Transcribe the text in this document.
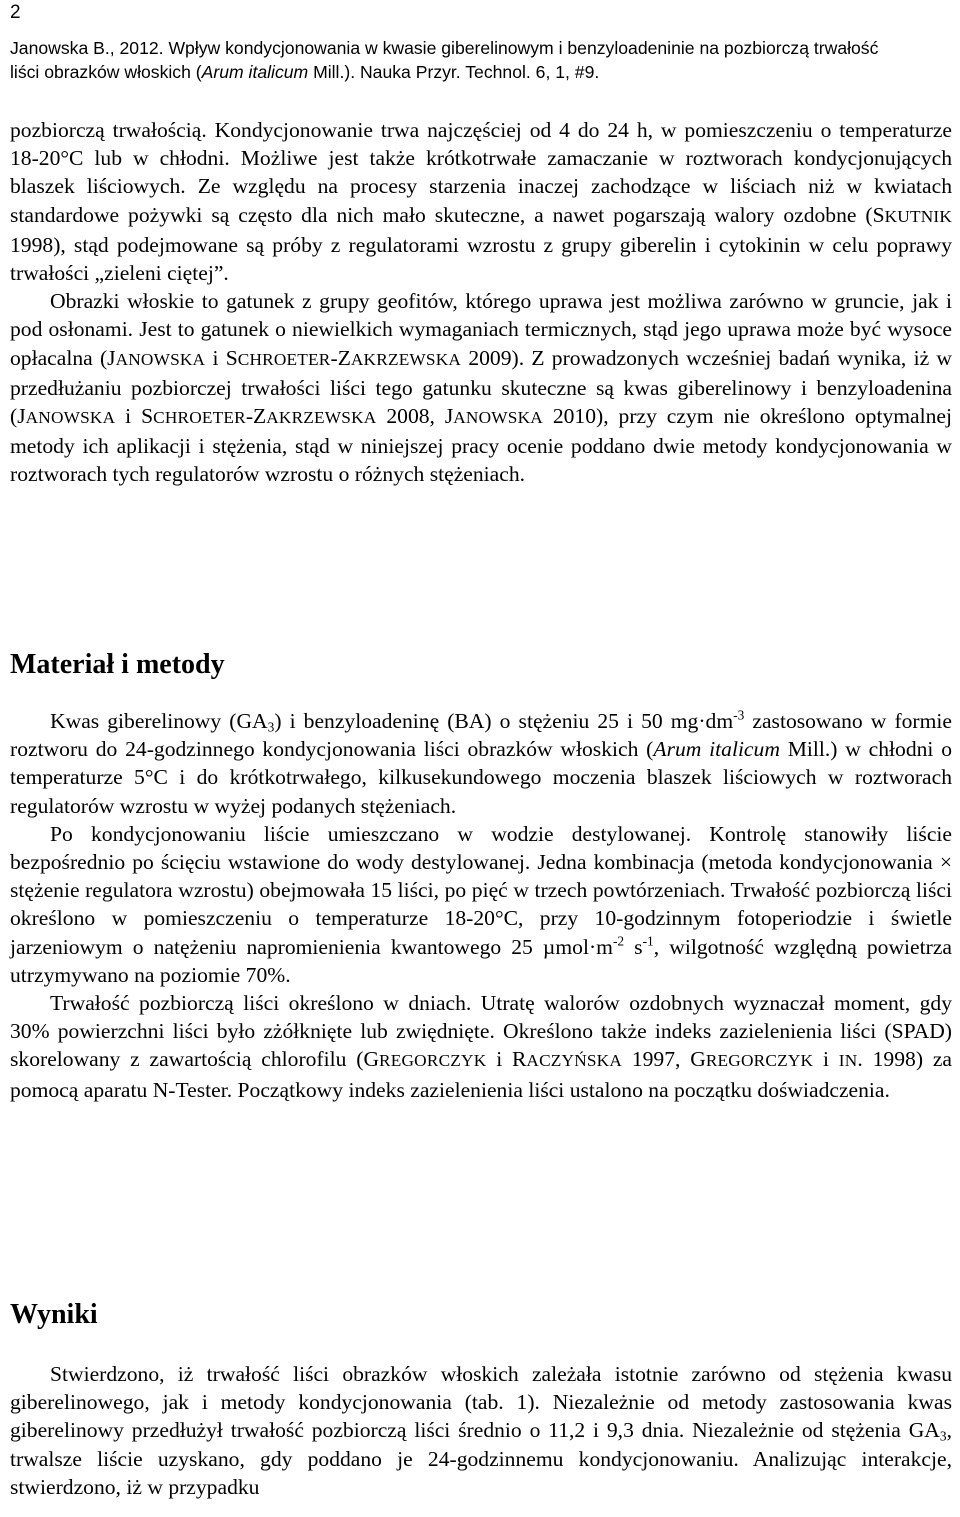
2
Janowska B., 2012. Wpływ kondycjonowania w kwasie giberelinowym i benzyloadeninie na pozbiorczą trwałość
liści obrazków włoskich (Arum italicum Mill.). Nauka Przyr. Technol. 6, 1, #9.

pozbiorczą trwałością. Kondycjonowanie trwa najczęściej od 4 do 24 h, w pomieszczeniu o temperaturze 18-20°C lub w chłodni. Możliwe jest także krótkotrwałe zamaczanie w roztworach kondycjonujących blaszek liściowych. Ze względu na procesy starzenia inaczej zachodzące w liściach niż w kwiatach standardowe pożywki są często dla nich mało skuteczne, a nawet pogarszają walory ozdobne (SKUTNIK 1998), stąd podejmowane są próby z regulatorami wzrostu z grupy giberelin i cytokinin w celu poprawy trwałości „zieleni ciętej”.

Obrazki włoskie to gatunek z grupy geofitów, którego uprawa jest możliwa zarówno w gruncie, jak i pod osłonami. Jest to gatunek o niewielkich wymaganiach termicznych, stąd jego uprawa może być wysoce opłacalna (JANOWSKA i SCHROETER-ZAKRZEWSKA 2009). Z prowadzonych wcześniej badań wynika, iż w przedłużaniu pozbiorczej trwałości liści tego gatunku skuteczne są kwas giberelinowy i benzyloadenina (JANOWSKA i SCHROETER-ZAKRZEWSKA 2008, JANOWSKA 2010), przy czym nie określono optymalnej metody ich aplikacji i stężenia, stąd w niniejszej pracy ocenie poddano dwie metody kondycjonowania w roztworach tych regulatorów wzrostu o różnych stężeniach.

Materiał i metody

Kwas giberelinowy $(GA_3)$ i benzyloadeninę (BA) o stężeniu 25 i 50 $mg\cdot dm^{-3}$ zastosowano w formie roztworu do 24-godzinnego kondycjonowania liści obrazków włoskich (Arum italicum Mill.) w chłodni o temperaturze 5°C i do krótkotrwałego, kilkusekundowego moczenia blaszek liściowych w roztworach regulatorów wzrostu w wyżej podanych stężeniach.

Po kondycjonowaniu liście umieszczano w wodzie destylowanej. Kontrolę stanowiły liście bezpośrednio po ścięciu wstawione do wody destylowanej. Jedna kombinacja (metoda kondycjonowania × stężenie regulatora wzrostu) obejmowała 15 liści, po pięć w trzech powtórzeniach. Trwałość pozbiorczą liści określono w pomieszczeniu o temperaturze 18-20°C, przy 10-godzinnym fotoperiodzie i świetle jarzeniowym o natężeniu napromienienia kwantowego 25 $\mu mol\cdot m^{-2}$ $s^{-1}$, wilgotność względną powietrza utrzymywano na poziomie 70%.

Trwałość pozbiorczą liści określono w dniach. Utratę walorów ozdobnych wyznaczał moment, gdy 30% powierzchni liści było zżółknięte lub zwiędnięte. Określono także indeks zazielenienia liści (SPAD) skorelowany z zawartością chlorofilu (GREGORCZYK i RACZYŃSKA 1997, GREGORCZYK i IN. 1998) za pomocą aparatu N-Tester. Początkowy indeks zazielenienia liści ustalono na początku doświadczenia.

Wyniki

Stwierdzono, iż trwałość liści obrazków włoskich zależała istotnie zarówno od stężenia kwasu giberelinowego, jak i metody kondycjonowania (tab. 1). Niezależnie od metody zastosowania kwas giberelinowy przedłużył trwałość pozbiorczą liści średnio o 11,2 i 9,3 dnia. Niezależnie od stężenia $GA_3$, trwalsze liście uzyskano, gdy poddano je 24-godzinnemu kondycjonowaniu. Analizując interakcje, stwierdzono, iż w przypadku
